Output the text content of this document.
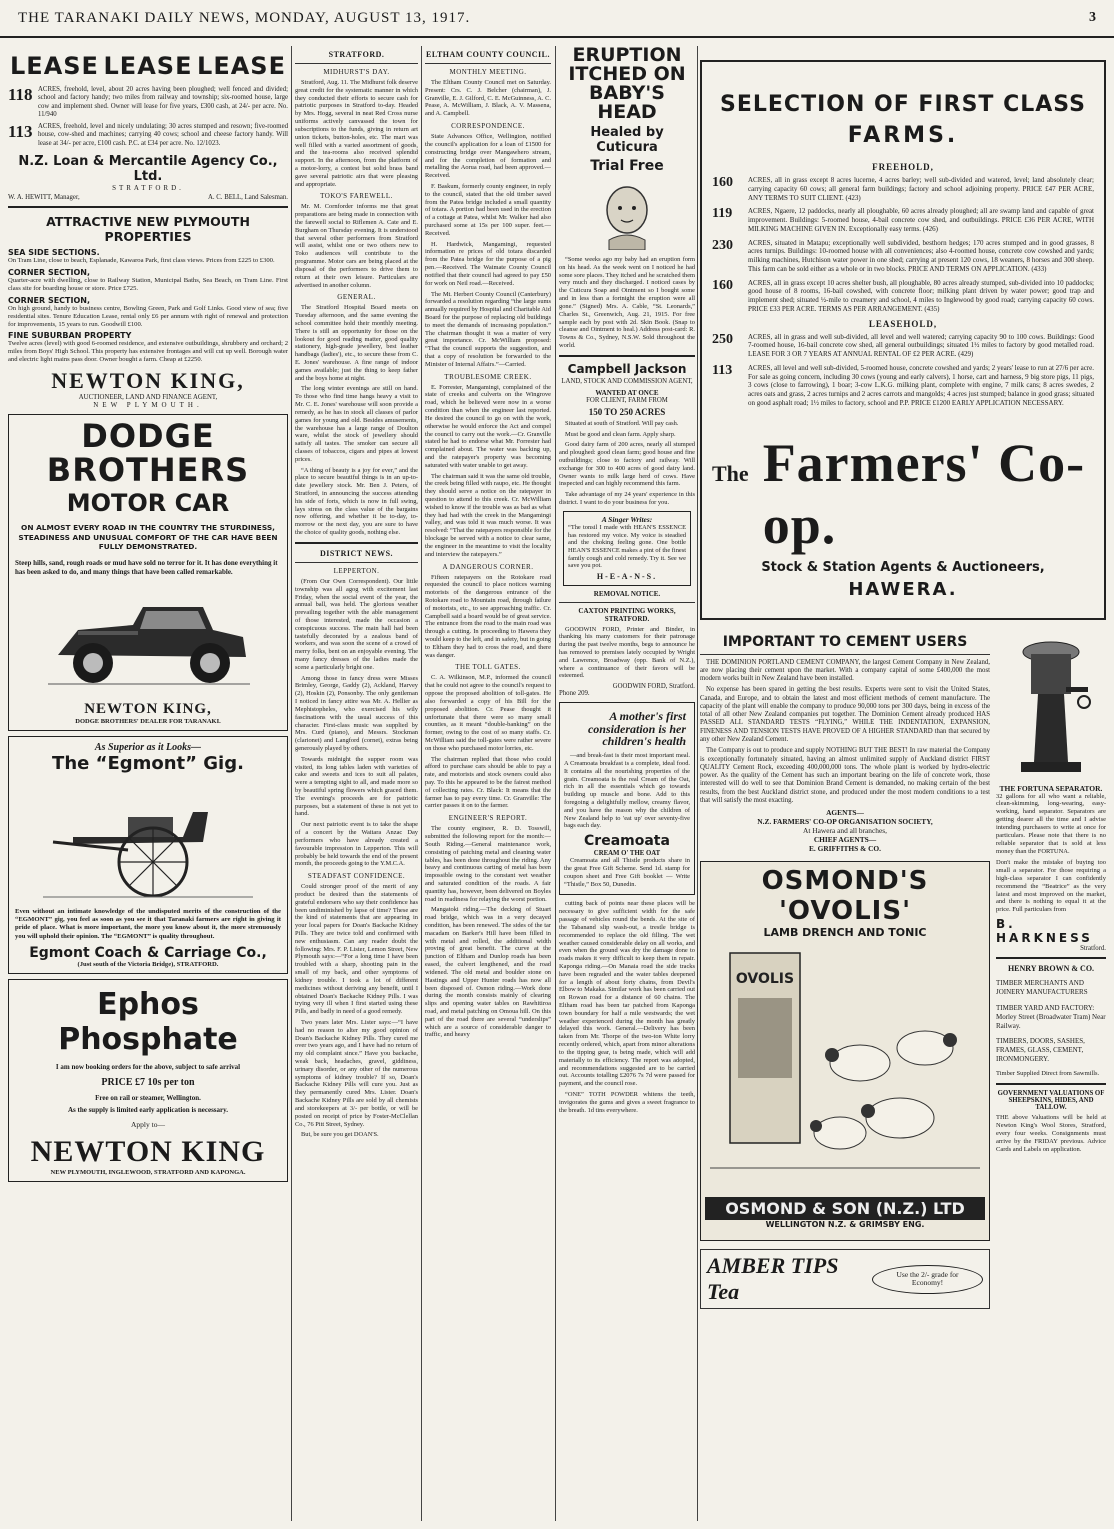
THE TARANAKI DAILY NEWS, MONDAY, AUGUST 13, 1917.	3
LEASE LEASE LEASE
118 ACRES, freehold, level, about 20 acres having been ploughed; well fenced and divided; school and factory handy; two miles from railway and township; six-roomed house, large cow and implement shed. Owner will lease for five years, £300 cash, at 24/- per acre. No. 11/940
113 ACRES, freehold, level and nicely undulating; 30 acres stumped and resown; five-roomed house, cow-shed and machines; carrying 40 cows; school and cheese factory handy. Will lease at 34/- per acre, £100 cash. P.C. at £34 per acre. No. 12/1023.
N.Z. Loan & Mercantile Agency Co., Ltd.
STRATFORD.
W. A. HEWITT, Manager,	A. C. BELL, Land Salesman.
ATTRACTIVE NEW PLYMOUTH PROPERTIES
SEA SIDE SECTIONS.
On Tram Line, close to beach, Esplanade, Kawaroa Park, first class views. Prices from £225 to £300.
CORNER SECTION,
Quarter-acre with dwelling, close to Railway Station, Municipal Baths, Sea Beach, on Tram Line. First class site for boarding house or store. Price £725.
CORNER SECTION,
On high ground, handy to business centre, Bowling Green, Park and Golf Links. Good view of sea; five residential sites. Tenure Education Lease, rental only £6 per annum with right of renewal and protection for improvements, 15 years to run. Goodwill £100.
FINE SUBURBAN PROPERTY
Twelve acres (level) with good 6-roomed residence, and extensive outbuildings, shrubbery and orchard; 2 miles from Boys' High School. This property has extensive frontages and will cut up well. Borough water and electric light mains pass door. Owner bought a farm. Cheap at £2250.
NEWTON KING,
AUCTIONEER, LAND AND FINANCE AGENT,
NEW PLYMOUTH.
DODGE BROTHERS
MOTOR CAR
ON ALMOST EVERY ROAD IN THE COUNTRY THE STURDINESS, STEADINESS AND UNUSUAL COMFORT OF THE CAR HAVE BEEN FULLY DEMONSTRATED.
Steep hills, sand, rough roads or mud have sold no terror for it. It has done everything it has been asked to do, and many things that have been called remarkable.
NEWTON KING,
DODGE BROTHERS' DEALER FOR TARANAKI.
As Superior as it Looks—
The “Egmont” Gig.
Even without an intimate knowledge of the undisputed merits of the construction of the “EGMONT” gig, you feel as soon as you see it that Taranaki farmers are right in giving it pride of place. What is more important, the more you know about it, the more strenuously you will uphold their opinion. The “EGMONT” is quality throughout.
Egmont Coach & Carriage Co.,
(Just south of the Victoria Bridge), STRATFORD.
Ephos Phosphate
I am now booking orders for the above, subject to safe arrival
PRICE £7 10s per ton
Free on rail or steamer, Wellington.
As the supply is limited early application is necessary.
Apply to—
NEWTON KING
NEW PLYMOUTH, INGLEWOOD, STRATFORD AND KAPONGA.
STRATFORD.
MIDHURST'S DAY.

Stratford, Aug. 11. The Midhurst folk deserve great credit for the systematic manner in which they conducted their efforts to secure cash for patriotic purposes in Stratford to-day. Headed by Mrs. Hogg, several in neat Red Cross nurse uniforms actively canvassed the town for subscriptions to the funds, giving in return art union tickets, button-holes, etc. The mart was well filled with a varied assortment of goods, and the tea-rooms also received splendid support. In the afternoon, from the platform of a motor-lorry, a contest but solid brass band gave several patriotic airs that were pleasing and appropriate.

TOKO'S FAREWELL.

Mr. M. Cornforder informs me that great preparations are being made in connection with the farewell social to Riflemen A. Cate and E. Burgham on Thursday evening. It is understood that several other performers from Stratford will assist, whilst one or two others new to Toko audiences will contribute to the programme. Motor cars are being placed at the disposal of the performers to drive them to return at their own leisure. Particulars are advertised in another column.

GENERAL.

The Stratford Hospital Board meets on Tuesday afternoon, and the same evening the school committee hold their monthly meeting. There is still an opportunity for those on the lookout for good reading matter, good quality stationery, high-grade jewellery, best leather handbags (ladies'), etc., to secure these from C. E. Jones' warehouse. A fine range of indoor games available; just the thing to keep father and the boys home at night.

The long winter evenings are still on hand. To those who find time hangs heavy a visit to Mr. C. E. Jones' warehouse will soon provide a remedy, as he has in stock all classes of parlor games for young and old. Besides amusements, the warehouse has a large range of Doulton ware, whilst the stock of jewellery should satisfy all tastes. The smoker can secure all classes of tobaccos, cigars and pipes at lowest prices.

“A thing of beauty is a joy for ever,” and the place to secure beautiful things is in an up-to-date jewellery stock. Mr. Ben J. Peters, of Stratford, in announcing the success attending his side of forts, which is now in full swing, lays stress on the class value of the bargains now offering, and whether it be to-day, to-morrow or the next day, you are sure to have the choice of quality goods, nothing else.

DISTRICT NEWS.
LEPPERTON.

(From Our Own Correspondent). Our little township was all agog with excitement last Friday, when the social event of the year, the annual ball, was held. The glorious weather prevailing together with the able management of those interested, made the occasion a conspicuous success. The main hall had been tastefully decorated by a zealous band of workers, and was soon the scene of a crowd of merry folks, bent on an enjoyable evening. The many fancy dresses of the ladies made the scene a particularly bright one.

Among those in fancy dress were Misses Brimley, George, Gaddy (2), Ackland, Harvey (2), Hoskin (2), Ponsonby. The only gentleman I noticed in fancy attire was Mr. A. Hellier as Mephistopheles, who exercised his wily fascinations with the usual success of this character. First-class music was supplied by Mrs. Curd (piano), and Messrs. Stockman (clarionet) and Langford (cornet), extras being generously played by others.

Towards midnight the supper room was visited, its long tables laden with varieties of cake and sweets and ices to suit all palates, were a tempting sight to all, and made more so by beautiful spring flowers which graced them. The evening's proceeds are for patriotic purposes, but a statement of these is not yet to hand.

Our next patriotic event is to take the shape of a concert by the Waitara Anzac Day performers who have already created a favourable impression in Lepperton. This will probably be held towards the end of the present month, the proceeds going to the Y.M.C.A.

STEADFAST CONFIDENCE.

Could stronger proof of the merit of any product be desired than the statements of grateful endorsers who say their confidence has been undiminished by lapse of time? These are the kind of statements that are appearing in your local papers for Doan's Backache Kidney Pills. They are twice told and confirmed with new enthusiasm. Can any reader doubt the following: Mrs. F. P. Lister, Lemon Street, New Plymouth says:—“For a long time I have been troubled with a sharp, shooting pain in the small of my back, and other symptoms of kidney trouble. I took a lot of different medicines without deriving any benefit, until I obtained Doan's Backache Kidney Pills. I was trying very ill when I first started using these Pills, and badly in need of a good remedy.

Two years later Mrs. Lister says:—“I have had no reason to alter my good opinion of Doan's Backache Kidney Pills. They cured me over two years ago, and I have had no return of my old complaint since.” Have you backache, weak back, headaches, gravel, giddiness, urinary disorder, or any other of the numerous symptoms of kidney trouble? If so, Doan's Backache Kidney Pills will cure you. Just as they permanently cured Mrs. Lister. Doan's Backache Kidney Pills are sold by all chemists and storekeepers at 3/- per bottle, or will be posted on receipt of price by Foster-McClellan Co., 76 Pitt Street, Sydney.

But, be sure you get DOAN'S.

ELTHAM COUNTY COUNCIL.
MONTHLY MEETING.

The Eltham County Council met on Saturday. Present: Crs. C. J. Belcher (chairman), J. Granville, E. J. Gilford, C. E. McGuinness, A. C. Pease, A. McWilliam, J. Black, A. V. Massena, and A. Campbell.

CORRESPONDENCE.

State Advances Office, Wellington, notified the council's application for a loan of £1500 for constructing bridge over Mangawhero stream, and for the completion of formation and metalling the Aorua road, had been approved.—Received.

F. Baskum, formerly county engineer, in reply to the council, stated that the old timber saved from the Patea bridge included a small quantity of totara. A portion had been used in the erection of a cottage at Patea, whilst Mr. Walker had also purchased some at 15s per 100 super. feet.—Received.

H. Hardwick, Mangamingi, requested information re prices of old totara discarded from the Patea bridge for the purpose of a pig pen.—Received. The Waimate County Council notified that their council had agreed to pay £50 for work on Neil road.—Received.

The Mt. Herbert County Council (Canterbury) forwarded a resolution regarding “the large sums annually required by Hospital and Charitable Aid Board for the purpose of replacing old buildings to meet the demands of increasing population.” The chairman thought it was a matter of very great importance. Cr. McWilliam proposed: “That the council supports the suggestion, and that a copy of resolution be forwarded to the Minister of Internal Affairs.”—Carried.

TROUBLESOME CREEK.

E. Forrester, Mangamingi, complained of the state of creeks and culverts on the Wingrove road, which he believed were now in a worse condition than when the engineer last reported. He desired the council to go on with the work, otherwise he would enforce the Act and compel the council to carry out the work.—Cr. Granville stated he had to endorse what Mr. Forrester had complained about. The water was backing up, and the ratepayer's property was becoming saturated with water unable to get away.

The chairman said it was the same old trouble, the creek being filled with raupo, etc. He thought they should serve a notice on the ratepayer in question to attend to this creek. Cr. McWilliam wished to know if the trouble was as bad as what they had had with the creek in the Mangamingi valley, and was told it was much worse. It was resolved: “That the ratepayers responsible for the blockage be served with a notice to clear same, the engineer in the meantime to visit the locality and interview the ratepayers.”

A DANGEROUS CORNER.

Fifteen ratepayers on the Rotokare road requested the council to place notices warning motorists of the dangerous entrance of the Rotokare road to Mountain road, through failure of motorists, etc., to see approaching traffic. Cr. Campbell said a board would be of great service. The entrance from the road to the main road was through a cutting. In proceeding to Hawera they would keep to the left, and in safety, but in going to Eltham they had to cross the road, and there was danger.

THE TOLL GATES.

C. A. Wilkinson, M.P., informed the council that he could not agree to the council's request to oppose the proposed abolition of toll-gates. He also forwarded a copy of his Bill for the proposed abolition. Cr. Pease thought it unfortunate that there were so many small counties, as it meant “double-banking” on the former, owing to the cost of so many staffs. Cr. McWilliam said the toll-gates were rather severe on those who purchased motor lorries, etc.

The chairman replied that those who could afford to purchase cars should be able to pay a rate, and motorists and stock owners could also pay. To this he appeared to be the fairest method of collecting rates. Cr. Black: It means that the farmer has to pay every time. Cr. Granville: The carrier passes it on to the farmer.

ENGINEER'S REPORT.

The county engineer, R. D. Tosswill, submitted the following report for the month:— South Riding.—General maintenance work, consisting of patching metal and cleaning water tables, has been done throughout the riding. Any heavy and continuous carting of metal has been impossible owing to the constant wet weather and saturated condition of the roads. A fair quantity has, however, been delivered on Boyles road in readiness for relaying the worst portion.

Mangatoki riding.—The decking of Stuart road bridge, which was in a very decayed condition, has been renewed. The sides of the tar macadam on Barker's Hill have been filled in with metal and rolled, the additional width proving of great benefit. The curve at the junction of Eltham and Dunlop roads has been eased, the culvert lengthened, and the road widened. The old metal and boulder stone on Hastings and Upper Hunter roads has now all been disposed of. Osmon riding.—Work done during the month consists mainly of clearing slips and opening water tables on Rawhitiroa road, and metal patching on Omoua hill. On this part of the road there are several “underslips” which are a source of considerable danger to traffic, and heavy

ERUPTION ITCHED ON BABY'S HEAD
Healed by Cuticura
Trial Free

“Some weeks ago my baby had an eruption form on his head. As the week went on I noticed he had some sore places. They itched and he scratched them very much and they discharged. I noticed cases by the Cuticura Soap and Ointment so I bought some and in less than a fortnight the eruption were all gone.” (Signed) Mrs. A. Cable, “St. Leonards,” Charles St., Greenwich, Aug. 21, 1915. For free sample each by post with 2d. Skin Book. (Snap to cleanse and Ointment to heal.) Address post-card: R. Towns & Co., Sydney, N.S.W. Sold throughout the world.

Campbell Jackson
LAND, STOCK AND COMMISSION AGENT,
WANTED AT ONCE
FOR CLIENT, FARM FROM
150 TO 250 ACRES

Situated at south of Stratford. Will pay cash.

Must be good and clean farm. Apply sharp.

Good dairy farm of 200 acres, nearly all stumped and ploughed: good clean farm; good house and fine outbuildings; close to factory and railway. Will exchange for 300 to 400 acres of good dairy land. Owner wants to milk large herd of cows. Have inspected and can highly recommend this farm.

Take advantage of my 24 years' experience in this district. I want to do your business for you.

A Singer Writes:
“The tonsil I made with HEAN'S ESSENCE has restored my voice. My voice is steadied and the choking feeling gone. One bottle HEAN'S ESSENCE makes a pint of the finest family cough and cold remedy. Try it. See we save you pot.
H-E-A-N-S.
REMOVAL NOTICE.
CAXTON PRINTING WORKS, STRATFORD.

GOODWIN FORD, Printer and Binder, in thanking his many customers for their patronage during the past twelve months, begs to announce he has removed to premises lately occupied by Wright and Lawrence, Broadway (opp. Bank of N.Z.), where a continuance of their favors will be esteemed.

GOODWIN FORD, Stratford.
Phone 209.
A mother's first consideration is her children's health

—and break-fast is their most important meal. A Creamoata breakfast is a complete, ideal food. It contains all the nourishing properties of the grain. Creamoata is the real Cream of the Oat, rich in all the essentials which go towards building up muscle and bone. Add to this foregoing a delightfully mellow, creamy flavor, and you have the reason why the children of New Zealand help to 'eat up' over seventy-five bags each day.

Creamoata
CREAM O' THE OAT

Creamoata and all Thistle products share in the great Free Gift Scheme. Send 1d. stamp for coupon sheet and Free Gift booklet — Write “Thistle,” Box 50, Dunedin.

cutting back of points near these places will be necessary to give sufficient width for the safe passage of vehicles round the bends. At the site of the Tabanand slip wash-out, a trestle bridge is recommended to replace the old filling. The wet weather caused considerable delay on all works, and even when the ground was dry the damage done to roads makes it very difficult to keep them in repair. Kaponga riding.—On Manaia road the side tracks have been regraded and the water tables deepened for a length of about forty chains, from Devil's Elbow to Makaka. Similar work has been carried out on Rowan road for a distance of 60 chains. The Eltham road has been tar patched from Kaponga town boundary for half a mile westwards; the wet weather experienced during the month has greatly delayed this work. General.—Delivery has been taken from Mr. Thorpe of the two-ton White lorry recently ordered, which, apart from minor alterations to the tipping gear, is being made, which will add materially to its efficiency. The report was adopted, and recommendations suggested are to be carried out. Accounts totalling £2076 7s 7d were passed for payment, and the council rose.

“ONE” TOTH POWDER whitens the teeth, invigorates the gums and gives a sweet fragrance to the breath. 1d tins everywhere.

SELECTION OF FIRST CLASS
FARMS.
FREEHOLD,
160	ACRES, all in grass except 8 acres lucerne, 4 acres barley; well sub-divided and watered, level; land absolutely clear; carrying capacity 60 cows; all general farm buildings; factory and school adjoining property. PRICE £47 PER ACRE, ANY TERMS TO SUIT CLIENT. (423)
119	ACRES, Ngaere, 12 paddocks, nearly all ploughable, 60 acres already ploughed; all are swamp land and capable of great improvement. Buildings: 5-roomed house, 4-bail concrete cow shed, and outbuildings. PRICE £36 PER ACRE, WITH MILKING MACHINE GIVEN IN. Exceptionally easy terms. (426)
230	ACRES, situated in Matapu; exceptionally well subdivided, besthorn hedges; 170 acres stumped and in good grasses, 8 acres turnips. Buildings: 10-roomed house with all conveniences; also 4-roomed house, concrete cow cowshed and yards; milking machines, Hutchison water power in one shed; carrying at present 120 cows, 18 weaners, 8 horses and 300 sheep. This farm can be sold either as a whole or in two blocks. PRICE AND TERMS ON APPLICATION. (433)
160	ACRES, all in grass except 10 acres shelter bush, all ploughable, 80 acres already stumped, sub-divided into 10 paddocks; good house of 8 rooms, 16-bail cowshed, with concrete floor; milking plant driven by water power; good trap and implement shed; situated ½-mile to creamery and school, 4 miles to Inglewood by good road; carrying capacity 60 cows. PRICE £33 PER ACRE. TERMS AS PER ARRANGEMENT. (435)
LEASEHOLD,
250	ACRES, all in grass and well sub-divided, all level and well watered; carrying capacity 90 to 100 cows. Buildings: Good 7-roomed house, 16-bail concrete cow shed, all general outbuildings; situated 1½ miles to factory by good metalled road. LEASE FOR 3 OR 7 YEARS AT ANNUAL RENTAL OF £2 PER ACRE. (429)
113	ACRES, all level and well sub-divided, 5-roomed house, concrete cowshed and yards; 2 years' lease to run at 27/6 per acre. For sale as going concern, including 30 cows (young and early calvers), 1 horse, cart and harness, 9 big store pigs, 11 pigs, 3 cows (close to farrowing), 1 boar; 3-cow L.K.G. milking plant, complete with engine, 7 milk cans; 8 acres swedes, 2 acres oats and grass, 2 acres turnips and 2 acres carrots and mangolds; 4 acres just stumped; balance in good grass; situated on good asphalt road; 1½ miles to factory, school and P.P. PRICE £1200 EARLY APPLICATION NECESSARY.
The Farmers' Co-op.
Stock & Station Agents & Auctioneers,
HAWERA.
IMPORTANT TO CEMENT USERS

THE DOMINION PORTLAND CEMENT COMPANY, the largest Cement Company in New Zealand, are now placing their cement upon the market. With a company capital of some £400,000 the most modern works built in New Zealand have been installed.

No expense has been spared in getting the best results. Experts were sent to visit the United States, Canada, and Europe, and to obtain the latest and most efficient methods of cement manufacture. The capacity of the plant will enable the company to produce 90,000 tons per 300 days, being in excess of the total of all other New Zealand companies put together. The Dominion Cement already produced HAS PASSED ALL STANDARD TESTS “FLYING,” WHILE THE INDENTATION, EXPANSION, FINENESS AND TENSION TESTS HAVE PROVED OF A HIGHER STANDARD than that secured by any other New Zealand Cement.

The Company is out to produce and supply NOTHING BUT THE BEST! In raw material the Company is exceptionally fortunately situated, having an almost unlimited supply of Auckland district FIRST QUALITY Cement Rock, exceeding 400,000,000 tons. The whole plant is worked by hydro-electric power. As the quality of the Cement has such an important bearing on the life of concrete work, those interested will do well to see that Dominion Brand Cement is demanded, no making certain of the best results, from the best Auckland district stone, and produced under the most modern conditions to a test that will satisfy the most exacting.

AGENTS—
N.Z. FARMERS' CO-OP ORGANISATION SOCIETY,
At Hawera and all branches,
CHIEF AGENTS—
E. GRIFFITHS & CO.
OSMOND'S 'OVOLIS'
LAMB DRENCH AND TONIC
OVOLIS
OSMOND & SON (N.Z.) LTD
WELLINGTON N.Z. & GRIMSBY ENG.
AMBER TIPS Tea
Use the 2/- grade for Economy!
THE FORTUNA SEPARATOR.
32 gallons for all who want a reliable, clean-skimming, long-wearing, easy-working, hand separator. Separators are getting dearer all the time and I advise intending purchasers to write at once for particulars. Please note that there is no reliable separator that is sold at less money than the FORTUNA.
Don't make the mistake of buying too small a separator. For those requiring a high-class separator I can confidently recommend the “Beatrice” as the very latest and most improved on the market, and there is nothing to equal it at the price. Full particulars from
B. HARKNESS
Stratford.
HENRY BROWN & CO.
TIMBER MERCHANTS AND JOINERY MANUFACTURERS
TIMBER YARD AND FACTORY: Morley Street (Broadwater Tram) Near Railway.
TIMBERS, DOORS, SASHES, FRAMES, GLASS, CEMENT, IRONMONGERY.
Timber Supplied Direct from Sawmills.
GOVERNMENT VALUATIONS OF SHEEPSKINS, HIDES, AND TALLOW.
THE above Valuations will be held at Newton King's Wool Stores, Stratford, every four weeks. Consignments must arrive by the FRIDAY previous. Advice Cards and Labels on application.
